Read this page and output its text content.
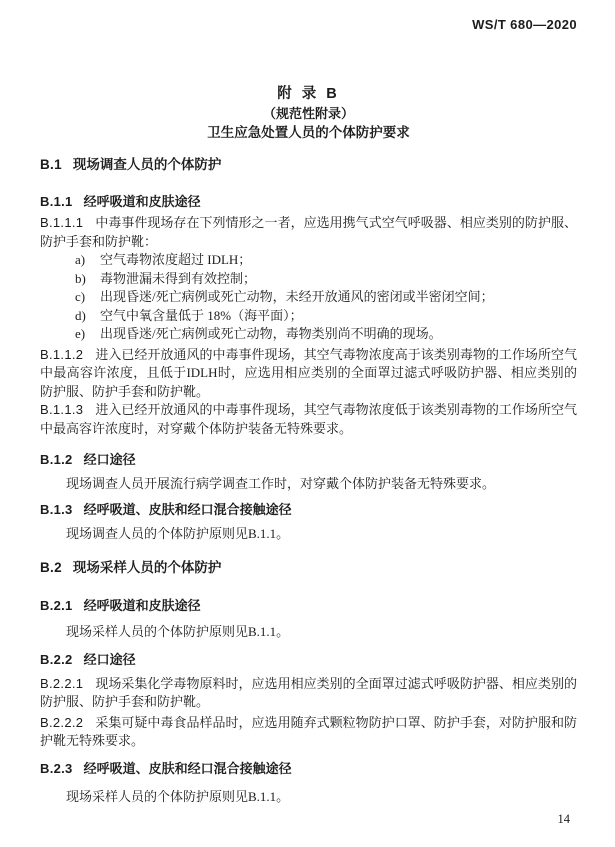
WS/T 680—2020
附 录 B
（规范性附录）
卫生应急处置人员的个体防护要求
B.1 现场调查人员的个体防护
B.1.1 经呼吸道和皮肤途径

B.1.1.1 中毒事件现场存在下列情形之一者，应选用携气式空气呼吸器、相应类别的防护服、防护手套和防护靴：

a)	空气毒物浓度超过 IDLH；
b)	毒物泄漏未得到有效控制；
c)	出现昏迷/死亡病例或死亡动物，未经开放通风的密闭或半密闭空间；
d)	空气中氧含量低于 18%（海平面）；
e)	出现昏迷/死亡病例或死亡动物，毒物类别尚不明确的现场。

B.1.1.2 进入已经开放通风的中毒事件现场，其空气毒物浓度高于该类别毒物的工作场所空气中最高容许浓度，且低于IDLH时，应选用相应类别的全面罩过滤式呼吸防护器、相应类别的防护服、防护手套和防护靴。

B.1.1.3 进入已经开放通风的中毒事件现场，其空气毒物浓度低于该类别毒物的工作场所空气中最高容许浓度时，对穿戴个体防护装备无特殊要求。

B.1.2 经口途径

现场调查人员开展流行病学调查工作时，对穿戴个体防护装备无特殊要求。

B.1.3 经呼吸道、皮肤和经口混合接触途径

现场调查人员的个体防护原则见B.1.1。

B.2 现场采样人员的个体防护
B.2.1 经呼吸道和皮肤途径

现场采样人员的个体防护原则见B.1.1。

B.2.2 经口途径

B.2.2.1 现场采集化学毒物原料时，应选用相应类别的全面罩过滤式呼吸防护器、相应类别的防护服、防护手套和防护靴。

B.2.2.2 采集可疑中毒食品样品时，应选用随弃式颗粒物防护口罩、防护手套，对防护服和防护靴无特殊要求。

B.2.3 经呼吸道、皮肤和经口混合接触途径

现场采样人员的个体防护原则见B.1.1。

14
